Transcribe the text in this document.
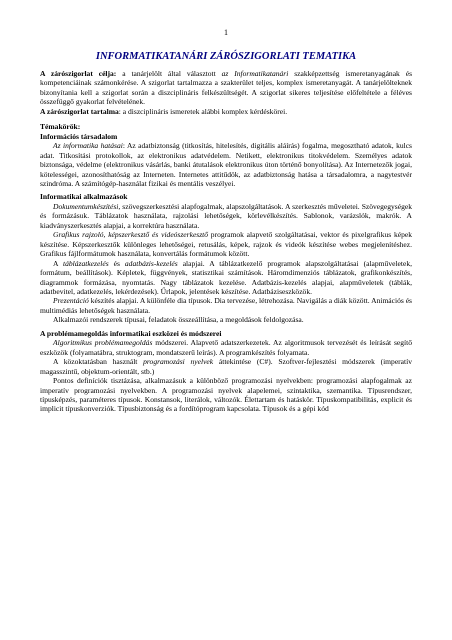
1
INFORMATIKATANÁRI ZÁRÓSZIGORLATI TEMATIKA

A zárószigorlat célja: a tanárjelölt által választott az Informatikatanári szakképzettség ismeretanyagának és kompetenciáinak számonkérése. A szigorlat tartalmazza a szakterület teljes, komplex ismeretanyagát. A tanárjelölteknek bizonyítania kell a szigorlat során a diszciplináris felkészültségét. A szigorlat sikeres teljesítése előfeltétele a féléves összefüggő gyakorlat felvételének.

A zárószigorlat tartalma: a diszciplináris ismeretek alábbi komplex kérdéskörei.

Témakörök:

Információs társadalom

Az informatika hatásai: Az adatbiztonság (titkosítás, hitelesítés, digitális aláírás) fogalma, megosztható adatok, kulcs adat. Titkosítási protokollok, az elektronikus adatvédelem. Netikett, elektronikus titokvédelem. Személyes adatok biztonsága, védelme (elektronikus vásárlás, banki átutalások elektronikus úton történő bonyolítása). Az Internetezők jogai, kötelességei, azonosíthatóság az Interneten. Internetes attitűdök, az adatbiztonság hatása a társadalomra, a nagytestvér szindróma. A számítógép-használat fizikai és mentális veszélyei.

Informatikai alkalmazások

Dokumentumkészítési, szövegszerkesztési alapfogalmak, alapszolgáltatások. A szerkesztés műveletei. Szövegegységek és formázásuk. Táblázatok használata, rajzolási lehetőségek, körlevélkészítés. Sablonok, varázslók, makrók. A kiadványszerkesztés alapjai, a korrektúra használata.

Grafikus rajzoló, képszerkesztő és videószerkesztő programok alapvető szolgáltatásai, vektor és pixelgrafikus képek készítése. Képszerkesztők különleges lehetőségei, retusálás, képek, rajzok és videók készítése webes megjelenítéshez. Grafikus fájlformátumok használata, konvertálás formátumok között.

A táblázatkezelés és adatbázis-kezelés alapjai. A táblázatkezelő programok alapszolgáltatásai (alapműveletek, formátum, beállítások). Képletek, függvények, statisztikai számítások. Háromdimenziós táblázatok, grafikonkészítés, diagrammok formázása, nyomtatás. Nagy táblázatok kezelése. Adatbázis-kezelés alapjai, alapműveletek (táblák, adatbevitel, adatkezelés, lekérdezések). Űrlapok, jelentések készítése. Adatbáziseszközök.

Prezentáció készítés alapjai. A különféle dia típusok. Dia tervezése, létrehozása. Navigálás a diák között. Animációs és multimédiás lehetőségek használata.

Alkalmazói rendszerek típusai, feladatok összeállítása, a megoldások feldolgozása.

A problémamegoldás informatikai eszközei és módszerei

Algoritmikus problémamegoldás módszerei. Alapvető adatszerkezetek. Az algoritmusok tervezését és leírását segítő eszközök (folyamatábra, struktogram, mondatszerű leírás). A programkészítés folyamata.

A közoktatásban használt programozási nyelvek áttekintése (C#). Szoftver-fejlesztési módszerek (imperatív magasszintű, objektum-orientált, stb.)

Pontos definíciók tisztázása, alkalmazásuk a különböző programozási nyelvekben: programozási alapfogalmak az imperatív programozási nyelvekben. A programozási nyelvek alapelemei, szintaktika, szemantika. Típusrendszer, típusképzés, paraméteres típusok. Konstansok, literálok, változók. Élettartam és hatáskör. Típuskompatibilitás, explicit és implicit típuskonverziók. Típusbiztonság és a fordítóprogram kapcsolata. Típusok és a gépi kód
